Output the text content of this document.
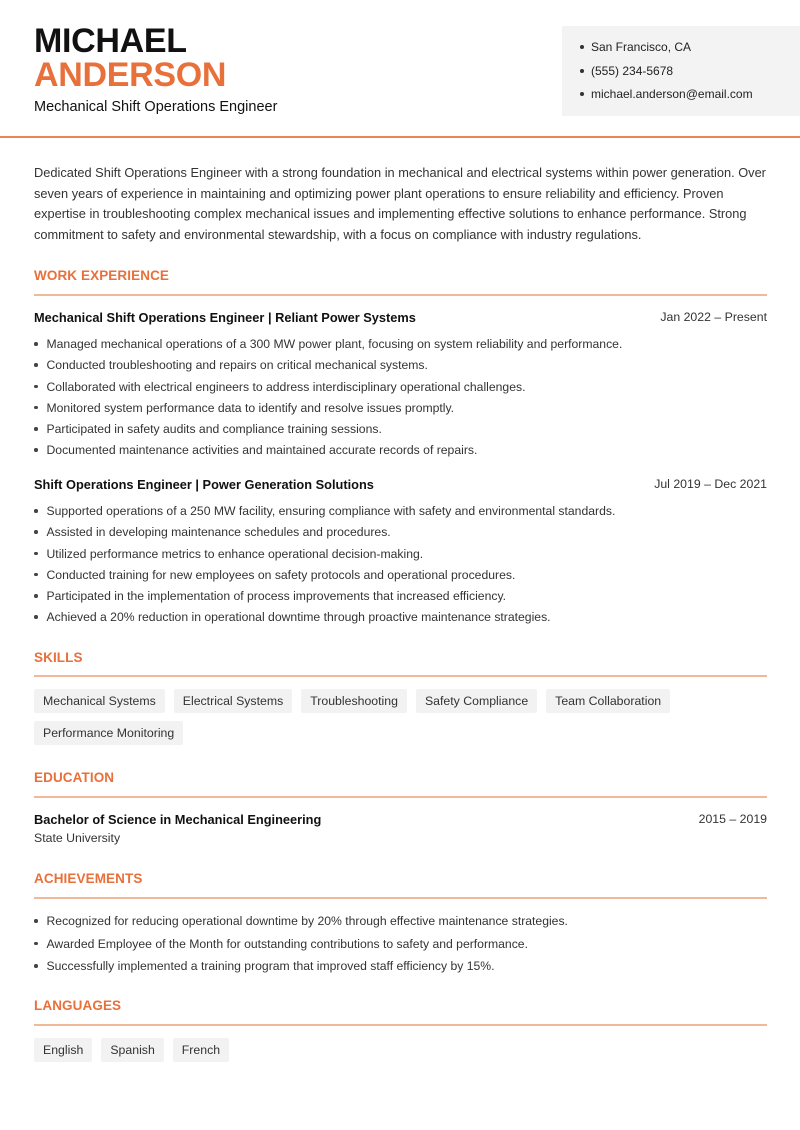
MICHAEL
ANDERSON
Mechanical Shift Operations Engineer
San Francisco, CA
(555) 234-5678
michael.anderson@email.com

Dedicated Shift Operations Engineer with a strong foundation in mechanical and electrical systems within power generation. Over seven years of experience in maintaining and optimizing power plant operations to ensure reliability and efficiency. Proven expertise in troubleshooting complex mechanical issues and implementing effective solutions to enhance performance. Strong commitment to safety and environmental stewardship, with a focus on compliance with industry regulations.

WORK EXPERIENCE
Mechanical Shift Operations Engineer | Reliant Power Systems	Jan 2022 – Present
Managed mechanical operations of a 300 MW power plant, focusing on system reliability and performance.
Conducted troubleshooting and repairs on critical mechanical systems.
Collaborated with electrical engineers to address interdisciplinary operational challenges.
Monitored system performance data to identify and resolve issues promptly.
Participated in safety audits and compliance training sessions.
Documented maintenance activities and maintained accurate records of repairs.
Shift Operations Engineer | Power Generation Solutions	Jul 2019 – Dec 2021
Supported operations of a 250 MW facility, ensuring compliance with safety and environmental standards.
Assisted in developing maintenance schedules and procedures.
Utilized performance metrics to enhance operational decision-making.
Conducted training for new employees on safety protocols and operational procedures.
Participated in the implementation of process improvements that increased efficiency.
Achieved a 20% reduction in operational downtime through proactive maintenance strategies.
SKILLS
Mechanical Systems	Electrical Systems	Troubleshooting	Safety Compliance	Team Collaboration
Performance Monitoring
EDUCATION
Bachelor of Science in Mechanical Engineering	2015 – 2019
State University
ACHIEVEMENTS
Recognized for reducing operational downtime by 20% through effective maintenance strategies.
Awarded Employee of the Month for outstanding contributions to safety and performance.
Successfully implemented a training program that improved staff efficiency by 15%.
LANGUAGES
English	Spanish	French
